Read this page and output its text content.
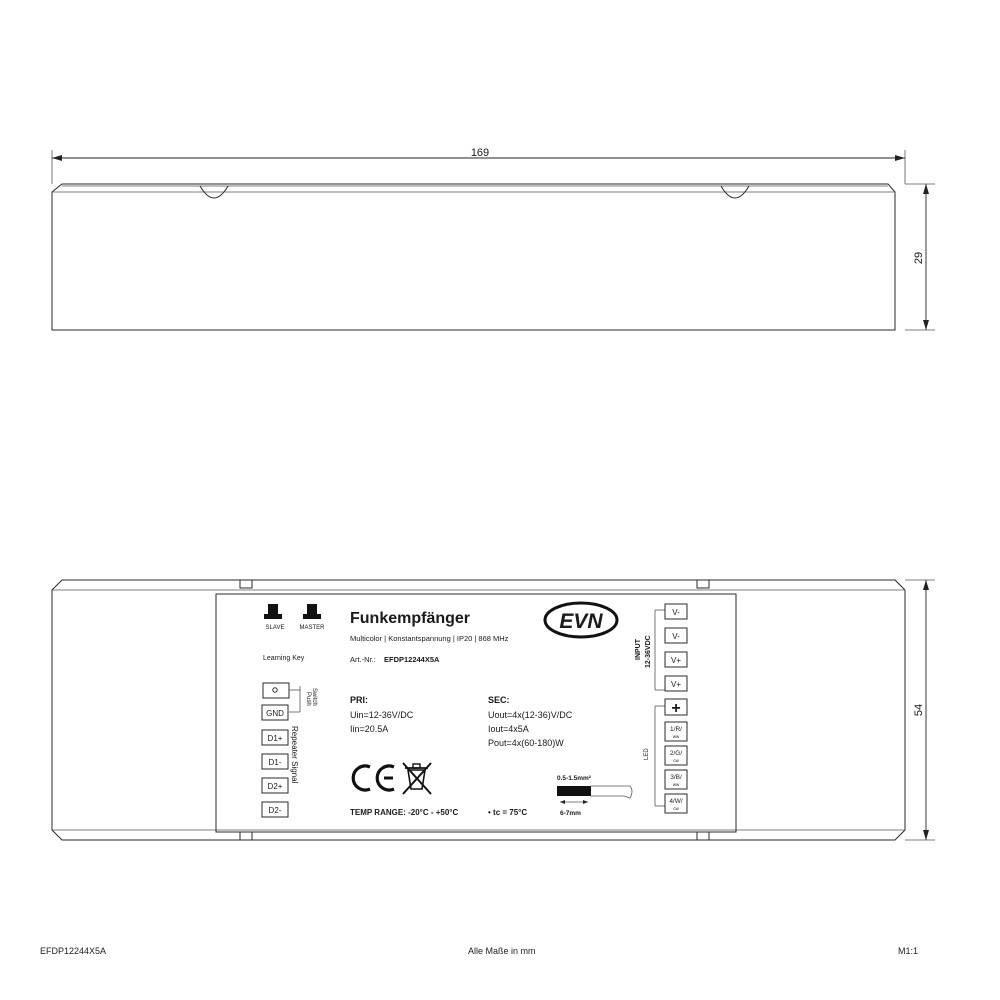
169
29
54
SLAVE	MASTER
Learning Key
Push Switch
GND
D1+
D1-
D2+
D2-
Repeater Signal
Funkempfänger
Multicolor | Konstantspannung | IP20 | 868 MHz
Art.-Nr.: EFDP12244X5A
EVN
PRI:
Uin=12-36V/DC
Iin=20.5A
SEC:
Uout=4x(12-36)V/DC
Iout=4x5A
Pout=4x(60-180)W
TEMP RANGE: -20°C - +50°C	• tc = 75°C
0.5-1.5mm²
6-7mm
INPUT 12-36VDC
V-
V-
V+
V+
LED
+
1/R/
ww
2/G/
cw
3/B/
ww
4/W/
cw
EFDP12244X5A	Alle Maße in mm	M1:1
